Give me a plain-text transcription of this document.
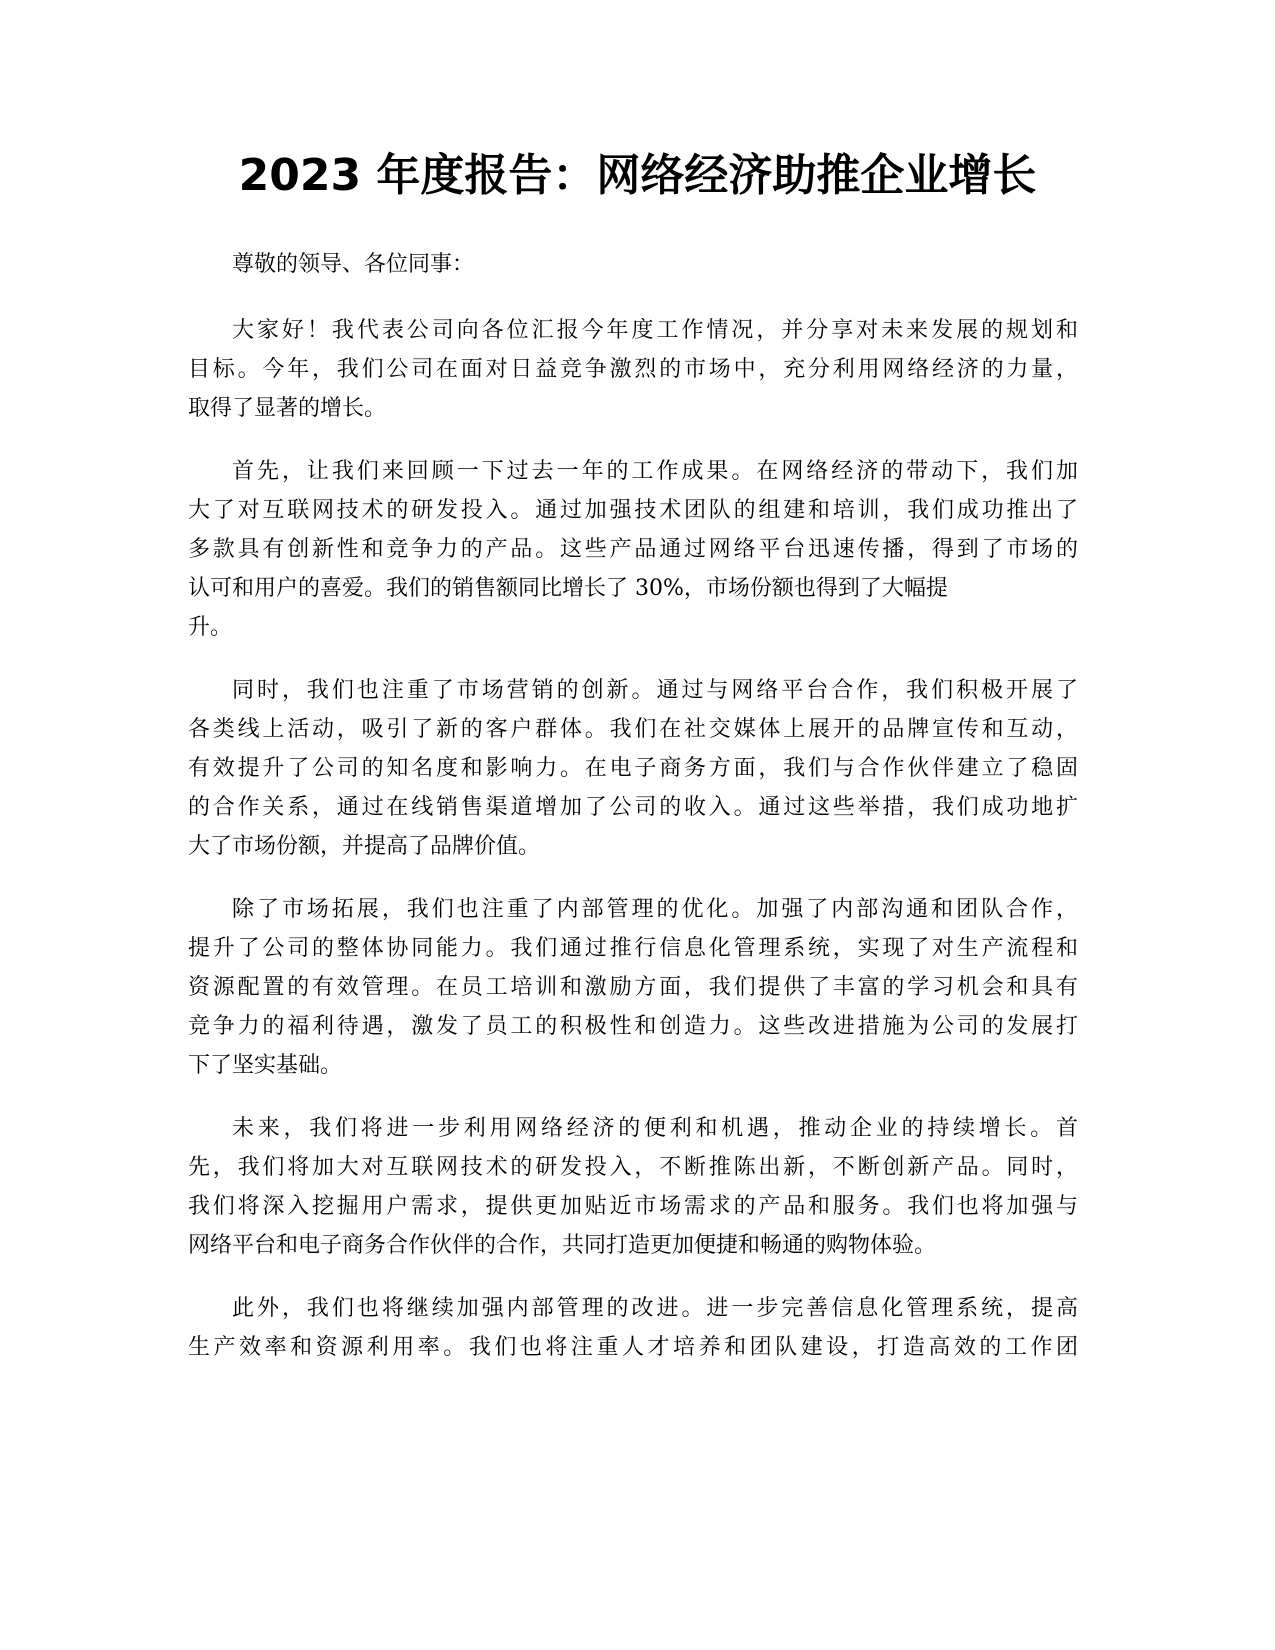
2023 年度报告：网络经济助推企业增长

尊敬的领导、各位同事：

大家好！我代表公司向各位汇报今年度工作情况，并分享对未来发展的规划和
目标。今年，我们公司在面对日益竞争激烈的市场中，充分利用网络经济的力量，
取得了显著的增长。

首先，让我们来回顾一下过去一年的工作成果。在网络经济的带动下，我们加
大了对互联网技术的研发投入。通过加强技术团队的组建和培训，我们成功推出了
多款具有创新性和竞争力的产品。这些产品通过网络平台迅速传播，得到了市场的
认可和用户的喜爱。我们的销售额同比增长了 30%，市场份额也得到了大幅提
升。

同时，我们也注重了市场营销的创新。通过与网络平台合作，我们积极开展了
各类线上活动，吸引了新的客户群体。我们在社交媒体上展开的品牌宣传和互动，
有效提升了公司的知名度和影响力。在电子商务方面，我们与合作伙伴建立了稳固
的合作关系，通过在线销售渠道增加了公司的收入。通过这些举措，我们成功地扩
大了市场份额，并提高了品牌价值。

除了市场拓展，我们也注重了内部管理的优化。加强了内部沟通和团队合作，
提升了公司的整体协同能力。我们通过推行信息化管理系统，实现了对生产流程和
资源配置的有效管理。在员工培训和激励方面，我们提供了丰富的学习机会和具有
竞争力的福利待遇，激发了员工的积极性和创造力。这些改进措施为公司的发展打
下了坚实基础。

未来，我们将进一步利用网络经济的便利和机遇，推动企业的持续增长。首
先，我们将加大对互联网技术的研发投入，不断推陈出新，不断创新产品。同时，
我们将深入挖掘用户需求，提供更加贴近市场需求的产品和服务。我们也将加强与
网络平台和电子商务合作伙伴的合作，共同打造更加便捷和畅通的购物体验。

此外，我们也将继续加强内部管理的改进。进一步完善信息化管理系统，提高
生产效率和资源利用率。我们也将注重人才培养和团队建设，打造高效的工作团
